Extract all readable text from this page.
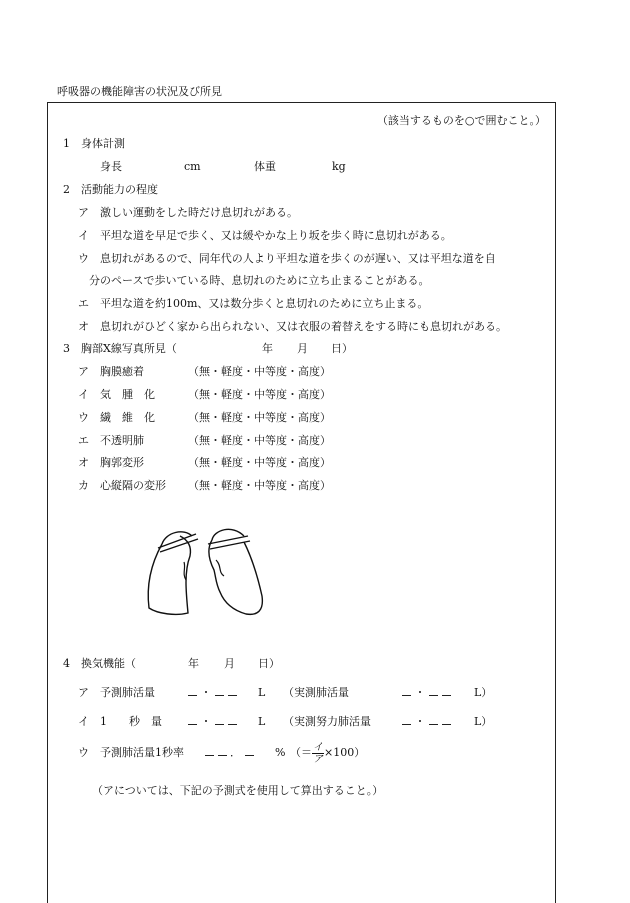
呼吸器の機能障害の状況及び所見
（該当するものを○で囲むこと。）
1　身体計測
身長	cm	体重	kg
2　活動能力の程度
ア 激しい運動をした時だけ息切れがある。
イ 平坦な道を早足で歩く、又は緩やかな上り坂を歩く時に息切れがある。
ウ 息切れがあるので、同年代の人より平坦な道を歩くのが遅い、又は平坦な道を自
分のペースで歩いている時、息切れのために立ち止まることがある。
エ 平坦な道を約100m、又は数分歩くと息切れのために立ち止まる。
オ 息切れがひどく家から出られない、又は衣服の着替えをする時にも息切れがある。
3　胸部X線写真所見（	年 月 日）
ア 胸膜癒着	（無・軽度・中等度・高度）
イ 気　腫　化	（無・軽度・中等度・高度）
ウ 繊　維　化	（無・軽度・中等度・高度）
エ 不透明肺	（無・軽度・中等度・高度）
オ 胸郭変形	（無・軽度・中等度・高度）
カ 心縦隔の変形 （無・軽度・中等度・高度）
4　換気機能（	年 月 日）
ア 予測肺活量	・	L （実測肺活量	・	L）
イ 1　　秒　量	・	L （実測努力肺活量	・	L）
ウ 予測肺活量1秒率	．	% （＝ $\frac{\text{イ}}{\text{ア}} \times 100$）
（アについては、下記の予測式を使用して算出すること。）
